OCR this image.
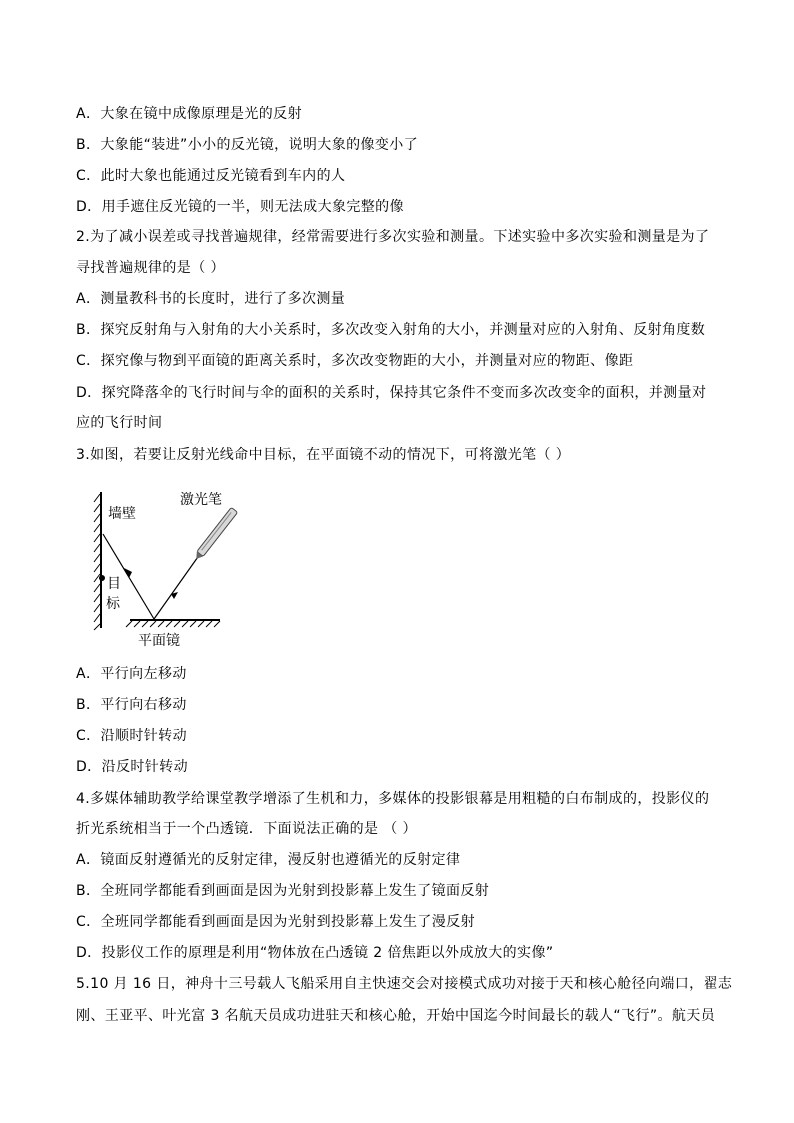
A．大象在镜中成像原理是光的反射
B．大象能“装进”小小的反光镜，说明大象的像变小了
C．此时大象也能通过反光镜看到车内的人
D．用手遮住反光镜的一半，则无法成大象完整的像
2.为了减小误差或寻找普遍规律，经常需要进行多次实验和测量。下述实验中多次实验和测量是为了
寻找普遍规律的是（ ）
A．测量教科书的长度时，进行了多次测量
B．探究反射角与入射角的大小关系时，多次改变入射角的大小，并测量对应的入射角、反射角度数
C．探究像与物到平面镜的距离关系时，多次改变物距的大小，并测量对应的物距、像距
D．探究降落伞的飞行时间与伞的面积的关系时，保持其它条件不变而多次改变伞的面积，并测量对
应的飞行时间
3.如图，若要让反射光线命中目标，在平面镜不动的情况下，可将激光笔（ ）
墙壁
激光笔
目
标
平面镜
A．平行向左移动
B．平行向右移动
C．沿顺时针转动
D．沿反时针转动
4.多媒体辅助教学给课堂教学增添了生机和力，多媒体的投影银幕是用粗糙的白布制成的，投影仪的
折光系统相当于一个凸透镜．下面说法正确的是 （ ）
A．镜面反射遵循光的反射定律，漫反射也遵循光的反射定律
B．全班同学都能看到画面是因为光射到投影幕上发生了镜面反射
C．全班同学都能看到画面是因为光射到投影幕上发生了漫反射
D．投影仪工作的原理是利用“物体放在凸透镜 2 倍焦距以外成放大的实像”
5.10 月 16 日，神舟十三号载人飞船采用自主快速交会对接模式成功对接于天和核心舱径向端口，翟志
刚、王亚平、叶光富 3 名航天员成功进驻天和核心舱，开始中国迄今时间最长的载人“飞行”。航天员
